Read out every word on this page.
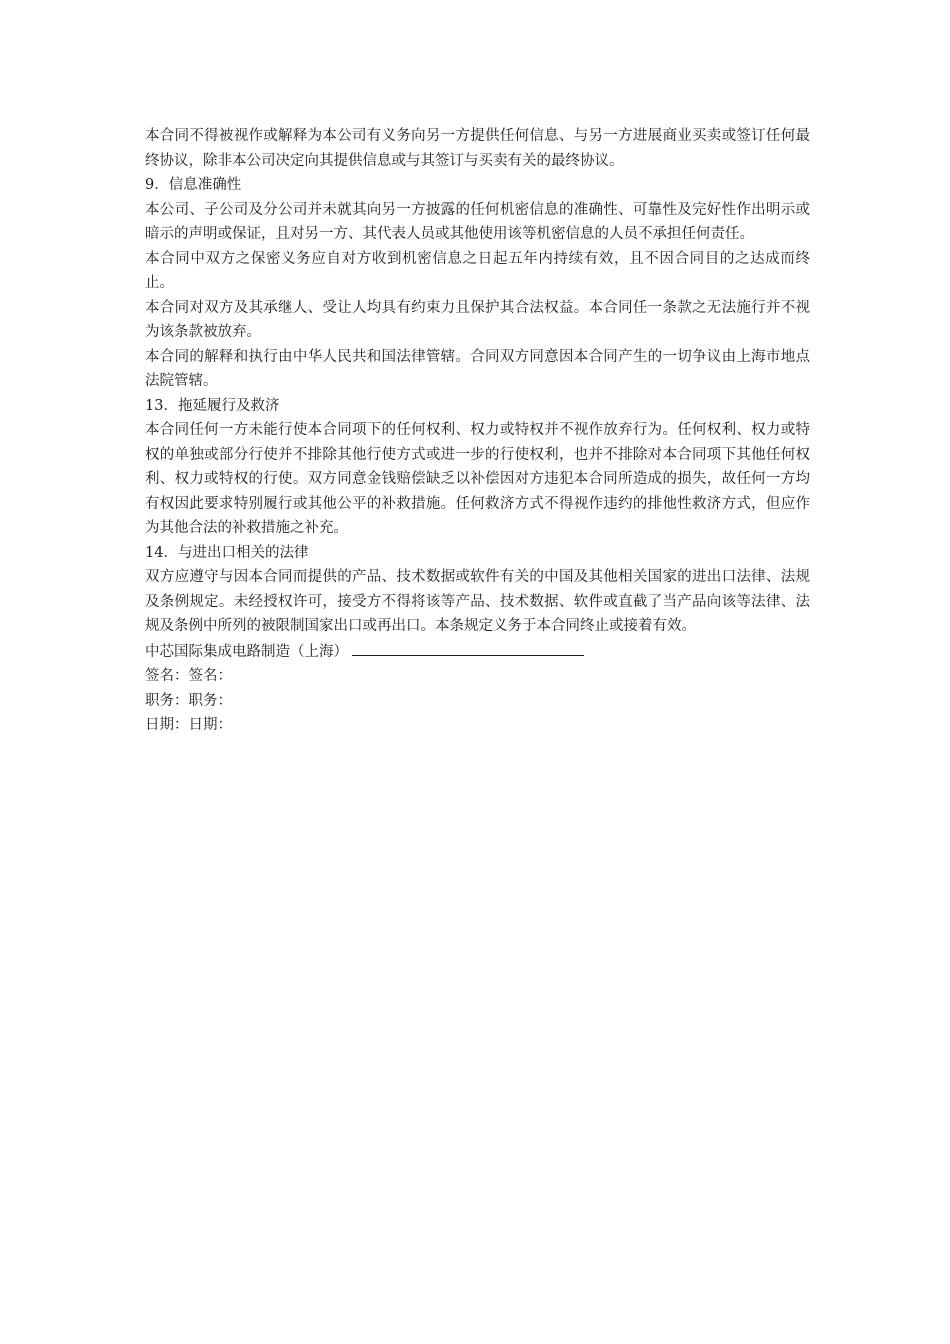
本合同不得被视作或解释为本公司有义务向另一方提供任何信息、与另一方进展商业买卖或签订任何最终协议，除非本公司决定向其提供信息或与其签订与买卖有关的最终协议。

9．信息准确性

本公司、子公司及分公司并未就其向另一方披露的任何机密信息的准确性、可靠性及完好性作出明示或暗示的声明或保证，且对另一方、其代表人员或其他使用该等机密信息的人员不承担任何责任。

本合同中双方之保密义务应自对方收到机密信息之日起五年内持续有效，且不因合同目的之达成而终止。

本合同对双方及其承继人、受让人均具有约束力且保护其合法权益。本合同任一条款之无法施行并不视为该条款被放弃。

本合同的解释和执行由中华人民共和国法律管辖。合同双方同意因本合同产生的一切争议由上海市地点法院管辖。

13．拖延履行及救济

本合同任何一方未能行使本合同项下的任何权利、权力或特权并不视作放弃行为。任何权利、权力或特权的单独或部分行使并不排除其他行使方式或进一步的行使权利，也并不排除对本合同项下其他任何权利、权力或特权的行使。双方同意金钱赔偿缺乏以补偿因对方违犯本合同所造成的损失，故任何一方均有权因此要求特别履行或其他公平的补救措施。任何救济方式不得视作违约的排他性救济方式，但应作为其他合法的补救措施之补充。

14．与进出口相关的法律

双方应遵守与因本合同而提供的产品、技术数据或软件有关的中国及其他相关国家的进出口法律、法规及条例规定。未经授权许可，接受方不得将该等产品、技术数据、软件或直截了当产品向该等法律、法规及条例中所列的被限制国家出口或再出口。本条规定义务于本合同终止或接着有效。

中芯国际集成电路制造（上海）

签名：签名：

职务：职务：

日期：日期：
